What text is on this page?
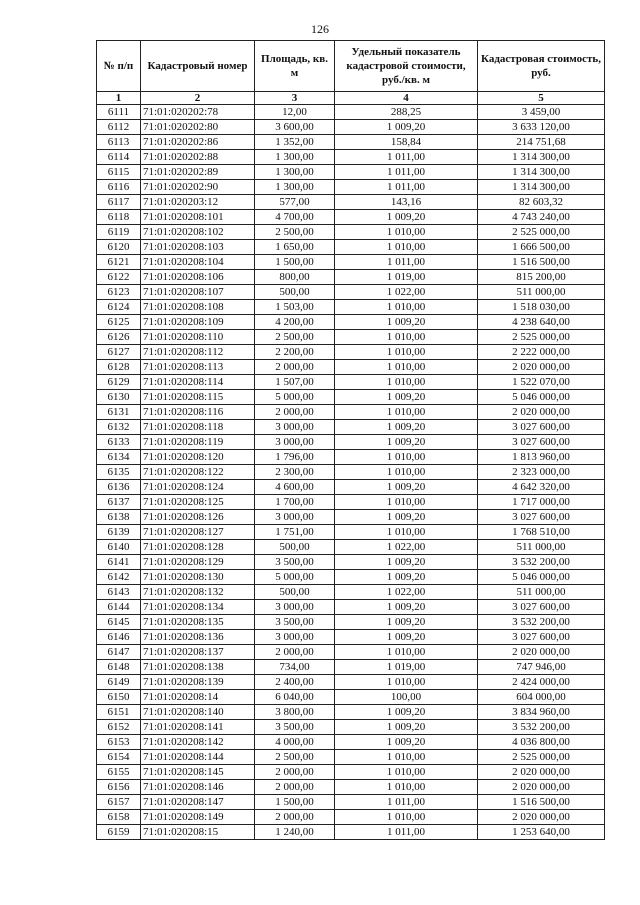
126
№ п/п	Кадастровый номер	Площадь, кв. м	Удельный показатель кадастровой стоимости, руб./кв. м	Кадастровая стоимость, руб.
1	2	3	4	5
6111	71:01:020202:78	12,00	288,25	3 459,00
6112	71:01:020202:80	3 600,00	1 009,20	3 633 120,00
6113	71:01:020202:86	1 352,00	158,84	214 751,68
6114	71:01:020202:88	1 300,00	1 011,00	1 314 300,00
6115	71:01:020202:89	1 300,00	1 011,00	1 314 300,00
6116	71:01:020202:90	1 300,00	1 011,00	1 314 300,00
6117	71:01:020203:12	577,00	143,16	82 603,32
6118	71:01:020208:101	4 700,00	1 009,20	4 743 240,00
6119	71:01:020208:102	2 500,00	1 010,00	2 525 000,00
6120	71:01:020208:103	1 650,00	1 010,00	1 666 500,00
6121	71:01:020208:104	1 500,00	1 011,00	1 516 500,00
6122	71:01:020208:106	800,00	1 019,00	815 200,00
6123	71:01:020208:107	500,00	1 022,00	511 000,00
6124	71:01:020208:108	1 503,00	1 010,00	1 518 030,00
6125	71:01:020208:109	4 200,00	1 009,20	4 238 640,00
6126	71:01:020208:110	2 500,00	1 010,00	2 525 000,00
6127	71:01:020208:112	2 200,00	1 010,00	2 222 000,00
6128	71:01:020208:113	2 000,00	1 010,00	2 020 000,00
6129	71:01:020208:114	1 507,00	1 010,00	1 522 070,00
6130	71:01:020208:115	5 000,00	1 009,20	5 046 000,00
6131	71:01:020208:116	2 000,00	1 010,00	2 020 000,00
6132	71:01:020208:118	3 000,00	1 009,20	3 027 600,00
6133	71:01:020208:119	3 000,00	1 009,20	3 027 600,00
6134	71:01:020208:120	1 796,00	1 010,00	1 813 960,00
6135	71:01:020208:122	2 300,00	1 010,00	2 323 000,00
6136	71:01:020208:124	4 600,00	1 009,20	4 642 320,00
6137	71:01:020208:125	1 700,00	1 010,00	1 717 000,00
6138	71:01:020208:126	3 000,00	1 009,20	3 027 600,00
6139	71:01:020208:127	1 751,00	1 010,00	1 768 510,00
6140	71:01:020208:128	500,00	1 022,00	511 000,00
6141	71:01:020208:129	3 500,00	1 009,20	3 532 200,00
6142	71:01:020208:130	5 000,00	1 009,20	5 046 000,00
6143	71:01:020208:132	500,00	1 022,00	511 000,00
6144	71:01:020208:134	3 000,00	1 009,20	3 027 600,00
6145	71:01:020208:135	3 500,00	1 009,20	3 532 200,00
6146	71:01:020208:136	3 000,00	1 009,20	3 027 600,00
6147	71:01:020208:137	2 000,00	1 010,00	2 020 000,00
6148	71:01:020208:138	734,00	1 019,00	747 946,00
6149	71:01:020208:139	2 400,00	1 010,00	2 424 000,00
6150	71:01:020208:14	6 040,00	100,00	604 000,00
6151	71:01:020208:140	3 800,00	1 009,20	3 834 960,00
6152	71:01:020208:141	3 500,00	1 009,20	3 532 200,00
6153	71:01:020208:142	4 000,00	1 009,20	4 036 800,00
6154	71:01:020208:144	2 500,00	1 010,00	2 525 000,00
6155	71:01:020208:145	2 000,00	1 010,00	2 020 000,00
6156	71:01:020208:146	2 000,00	1 010,00	2 020 000,00
6157	71:01:020208:147	1 500,00	1 011,00	1 516 500,00
6158	71:01:020208:149	2 000,00	1 010,00	2 020 000,00
6159	71:01:020208:15	1 240,00	1 011,00	1 253 640,00
